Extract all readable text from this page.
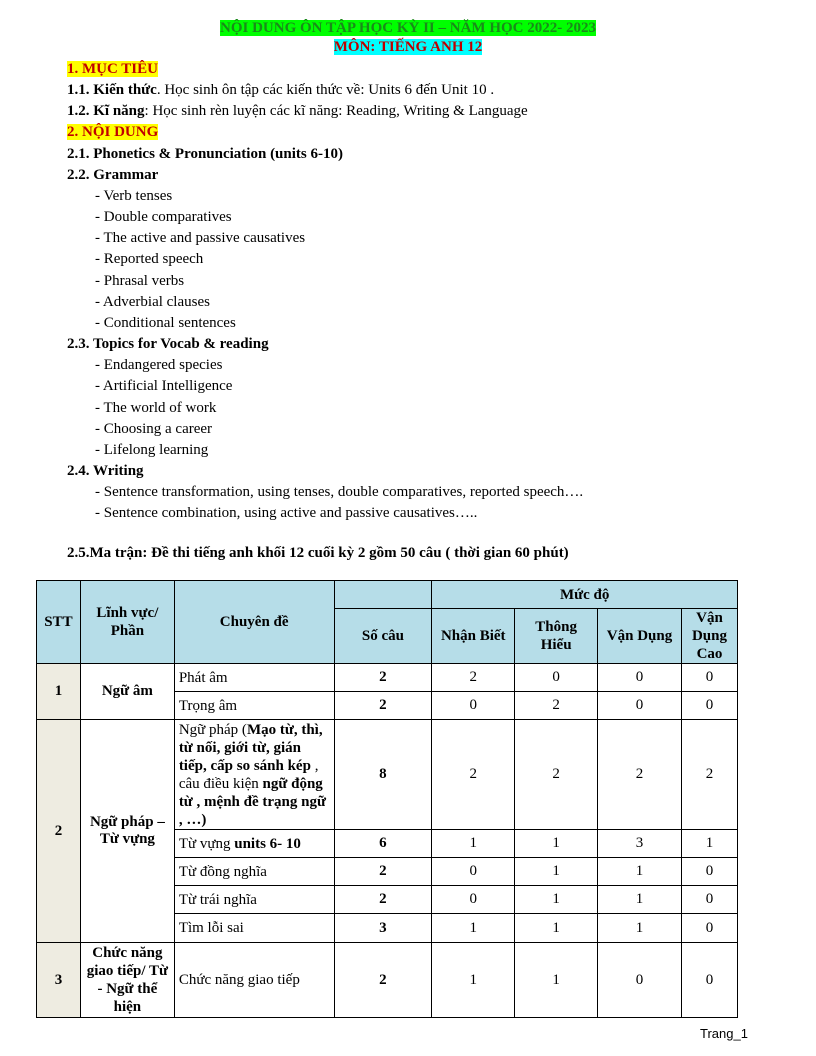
NỘI DUNG ÔN TẬP HỌC KỲ II – NĂM HỌC 2022- 2023
MÔN: TIẾNG ANH 12
1. MỤC TIÊU
1.1. Kiến thức. Học sinh ôn tập các kiến thức về: Units 6 đến Unit 10 .
1.2. Kĩ năng: Học sinh rèn luyện các kĩ năng: Reading, Writing & Language
2. NỘI DUNG
2.1. Phonetics & Pronunciation (units 6-10)
2.2. Grammar
- Verb tenses
- Double comparatives
- The active and passive causatives
- Reported speech
- Phrasal verbs
- Adverbial clauses
- Conditional sentences
2.3. Topics for Vocab & reading
- Endangered species
- Artificial Intelligence
- The world of work
- Choosing a career
- Lifelong learning
2.4. Writing
- Sentence transformation, using tenses, double comparatives, reported speech….
- Sentence combination, using active and passive causatives…..
2.5.Ma trận: Đề thi tiếng anh khối 12 cuối kỳ 2 gồm 50 câu ( thời gian 60 phút)
STT	Lĩnh vực/ Phần	Chuyên đề		Mức độ			
			Số câu	Nhận Biết	Thông Hiểu	Vận Dụng	Vận Dụng Cao
1	Ngữ âm	Phát âm	2	2	0	0	0
		Trọng âm	2	0	2	0	0
2	Ngữ pháp – Từ vựng	Ngữ pháp (Mạo từ, thì, từ nối, giới từ, gián tiếp, cấp so sánh kép , câu điều kiện ngữ động từ , mệnh đề trạng ngữ , …)	8	2	2	2	2
		Từ vựng units 6- 10	6	1	1	3	1
		Từ đồng nghĩa	2	0	1	1	0
		Từ trái nghĩa	2	0	1	1	0
		Tìm lỗi sai	3	1	1	1	0
3	Chức năng giao tiếp/ Từ - Ngữ thể hiện	Chức năng giao tiếp	2	1	1	0	0
Trang_1
